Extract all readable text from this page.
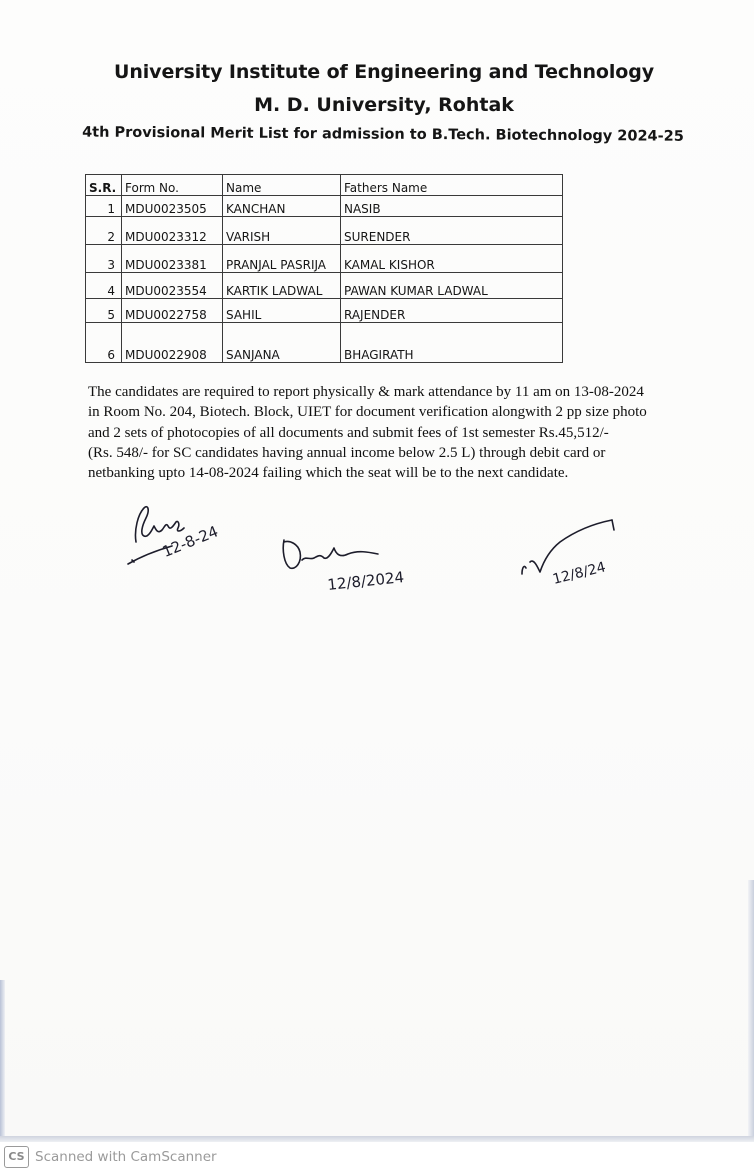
University Institute of Engineering and Technology
M. D. University, Rohtak
4th Provisional Merit List for admission to B.Tech. Biotechnology 2024-25
S.R.	Form No.	Name	Fathers Name
1	MDU0023505	KANCHAN	NASIB
2	MDU0023312	VARISH	SURENDER
3	MDU0023381	PRANJAL PASRIJA	KAMAL KISHOR
4	MDU0023554	KARTIK LADWAL	PAWAN KUMAR LADWAL
5	MDU0022758	SAHIL	RAJENDER
6	MDU0022908	SANJANA	BHAGIRATH
The candidates are required to report physically & mark attendance by 11 am on 13-08-2024
in Room No. 204, Biotech. Block, UIET for document verification alongwith 2 pp size photo
and 2 sets of photocopies of all documents and submit fees of 1st semester Rs.45,512/-
(Rs. 548/- for SC candidates having annual income below 2.5 L) through debit card or
netbanking upto 14-08-2024 failing which the seat will be to the next candidate.
12-8-24
12/8/2024	12/8/24
CS Scanned with CamScanner
